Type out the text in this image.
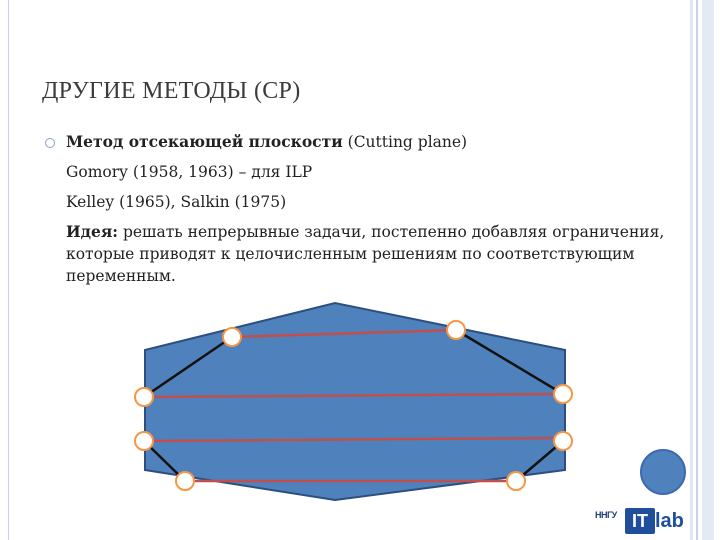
ДРУГИЕ МЕТОДЫ (CP)

Метод отсекающей плоскости (Cutting plane)

Gomory (1958, 1963) – для ILP

Kelley (1965), Salkin (1975)

Идея: решать непрерывные задачи, постепенно добавляя ограничения, которые приводят к целочисленным решениям по соответствующим переменным.

ННГУ IT lab
